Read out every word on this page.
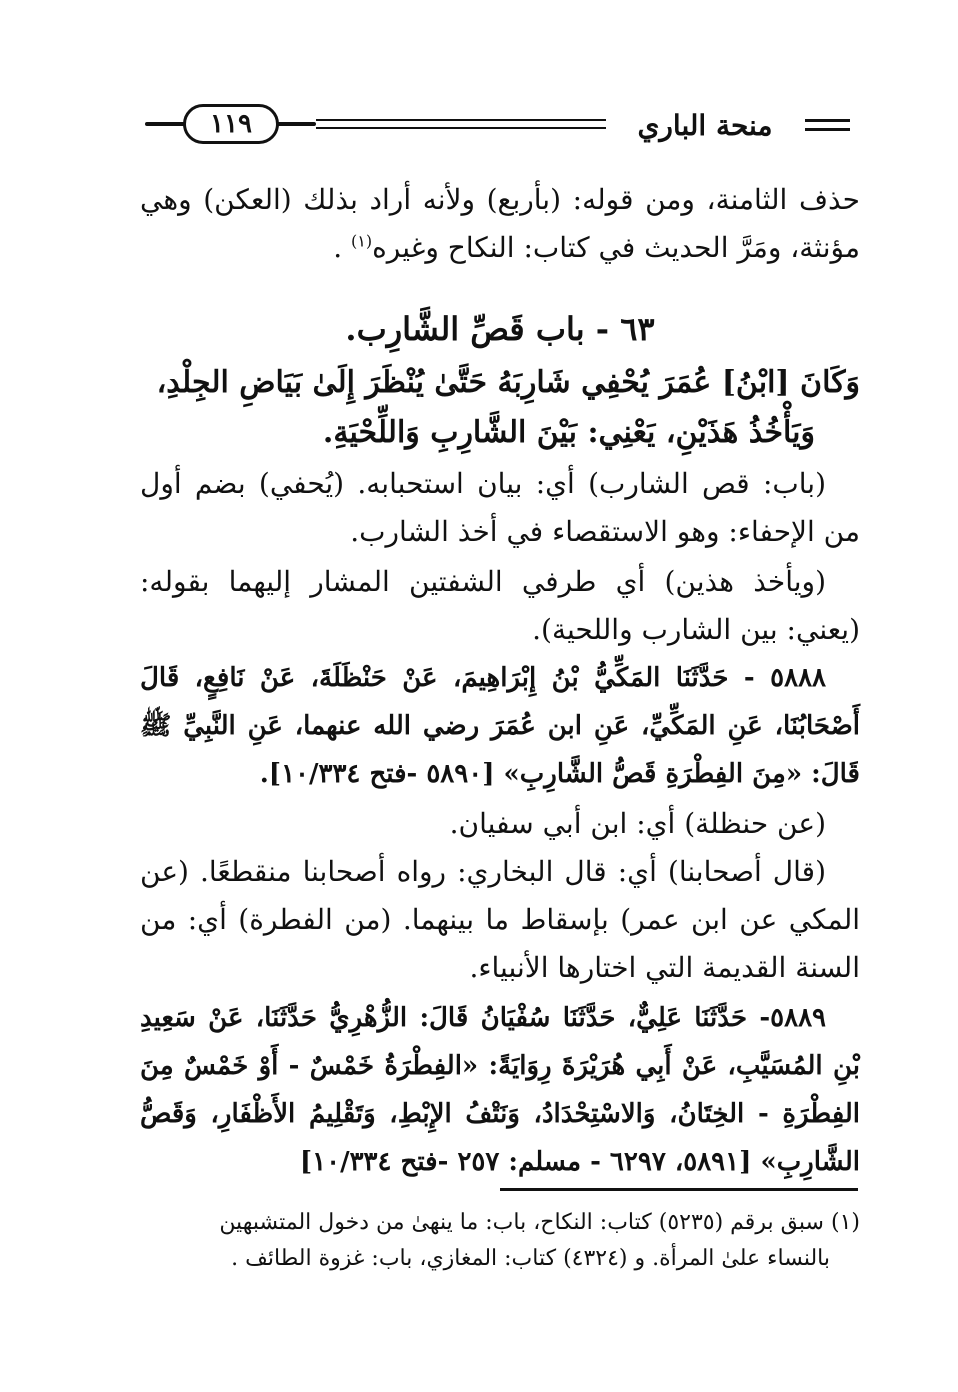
منحة الباري
١١٩

حذف الثامنة، ومن قوله: (بأربع) ولأنه أراد بذلك (العكن) وهي مؤنثة، ومَرَّ الحديث في كتاب: النكاح وغيره$^{(١)}$ .

٦٣ - باب قَصِّ الشَّارِب.

وَكَانَ [ابْنُ] عُمَرَ يُحْفِي شَارِبَهُ حَتَّىٰ يُنْظَرَ إِلَىٰ بَيَاضِ الجِلْدِ،

وَيَأْخُذُ هَذَيْنِ، يَعْنِي: بَيْنَ الشَّارِبِ وَاللِّحْيَةِ.

(باب: قص الشارب) أي: بيان استحبابه. (يُحفي) بضم أول من الإحفاء: وهو الاستقصاء في أخذ الشارب.

(ويأخذ هذين) أي طرفي الشفتين المشار إليهما بقوله: (يعني: بين الشارب واللحية).

٥٨٨٨ - حَدَّثَنَا المَكِّيُّ بْنُ إِبْرَاهِيمَ، عَنْ حَنْظَلَةَ، عَنْ نَافِعٍ، قَالَ أَصْحَابُنَا، عَنِ المَكِّيِّ، عَنِ ابن عُمَرَ رضي الله عنهما، عَنِ النَّبِيِّ ﷺ قَالَ: «مِنَ الفِطْرَةِ قَصُّ الشَّارِبِ» [٥٨٩٠ -فتح ١٠/٣٣٤].

(عن حنظلة) أي: ابن أبي سفيان.

(قال أصحابنا) أي: قال البخاري: رواه أصحابنا منقطعًا. (عن المكي عن ابن عمر) بإسقاط ما بينهما. (من الفطرة) أي: من السنة القديمة التي اختارها الأنبياء.

٥٨٨٩- حَدَّثَنَا عَلِيٌّ، حَدَّثَنَا سُفْيَانُ قَالَ: الزُّهْرِيُّ حَدَّثَنَا، عَنْ سَعِيدِ بْنِ المُسَيَّبِ، عَنْ أَبِي هُرَيْرَةَ رِوَايَةً: «الفِطْرَةُ خَمْسٌ - أَوْ خَمْسٌ مِنَ الفِطْرَةِ - الخِتَانُ، وَالاسْتِحْدَادُ، وَنَتْفُ الإِبْطِ، وَتَقْلِيمُ الأَظْفَارِ، وَقَصُّ الشَّارِبِ» [٥٨٩١، ٦٢٩٧ - مسلم: ٢٥٧ -فتح ١٠/٣٣٤]

(١) سبق برقم (٥٢٣٥) كتاب: النكاح، باب: ما ينهىٰ من دخول المتشبهين
بالنساء علىٰ المرأة. و (٤٣٢٤) كتاب: المغازي، باب: غزوة الطائف .
